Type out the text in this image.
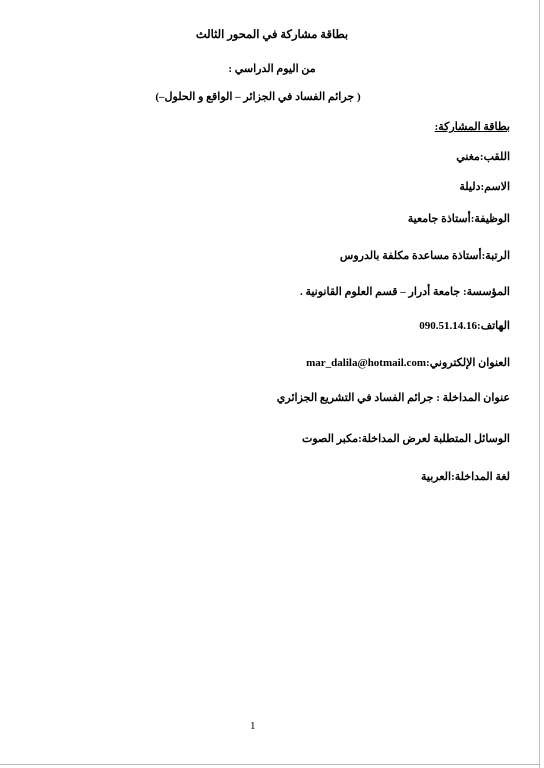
بطاقة مشاركة في المحور الثالث
من اليوم الدراسي :
( جرائم الفساد في الجزائر – الواقع و الحلول–)
بطاقة المشاركة:
اللقب:مغني
الاسم:دليلة
الوظيفة:أستاذة جامعية
الرتبة:أستاذة مساعدة مكلفة بالدروس
المؤسسة: جامعة أدرار – قسم العلوم القانونية .
الهاتف:090.51.14.16
العنوان الإلكتروني:mar_dalila@hotmail.com
عنوان المداخلة : جرائم الفساد في التشريع الجزائري
الوسائل المتطلبة لعرض المداخلة:مكبر الصوت
لغة المداخلة:العربية
1
